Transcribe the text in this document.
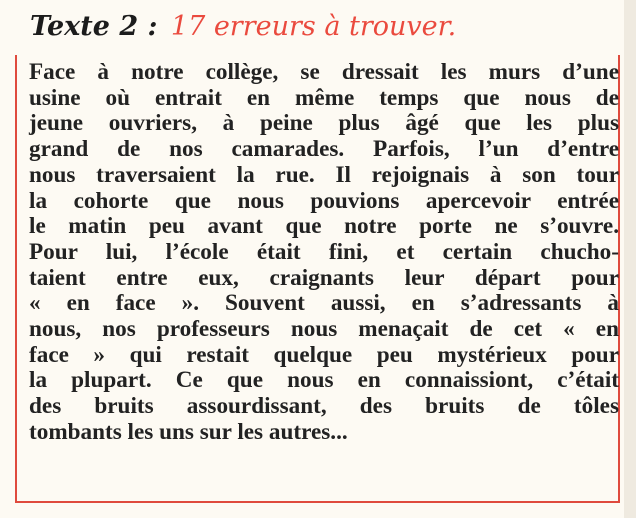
Texte 2 : 17 erreurs à trouver.

Face à notre collège, se dressait les murs d’une
usine où entrait en même temps que nous de
jeune ouvriers, à peine plus âgé que les plus
grand de nos camarades. Parfois, l’un d’entre
nous traversaient la rue. Il rejoignais à son tour
la cohorte que nous pouvions apercevoir entrée
le matin peu avant que notre porte ne s’ouvre.
Pour lui, l’école était fini, et certain chucho-
taient entre eux, craignants leur départ pour
« en face ». Souvent aussi, en s’adressants à
nous, nos professeurs nous menaçait de cet « en
face » qui restait quelque peu mystérieux pour
la plupart. Ce que nous en connaissiont, c’était
des bruits assourdissant, des bruits de tôles
tombants les uns sur les autres...
